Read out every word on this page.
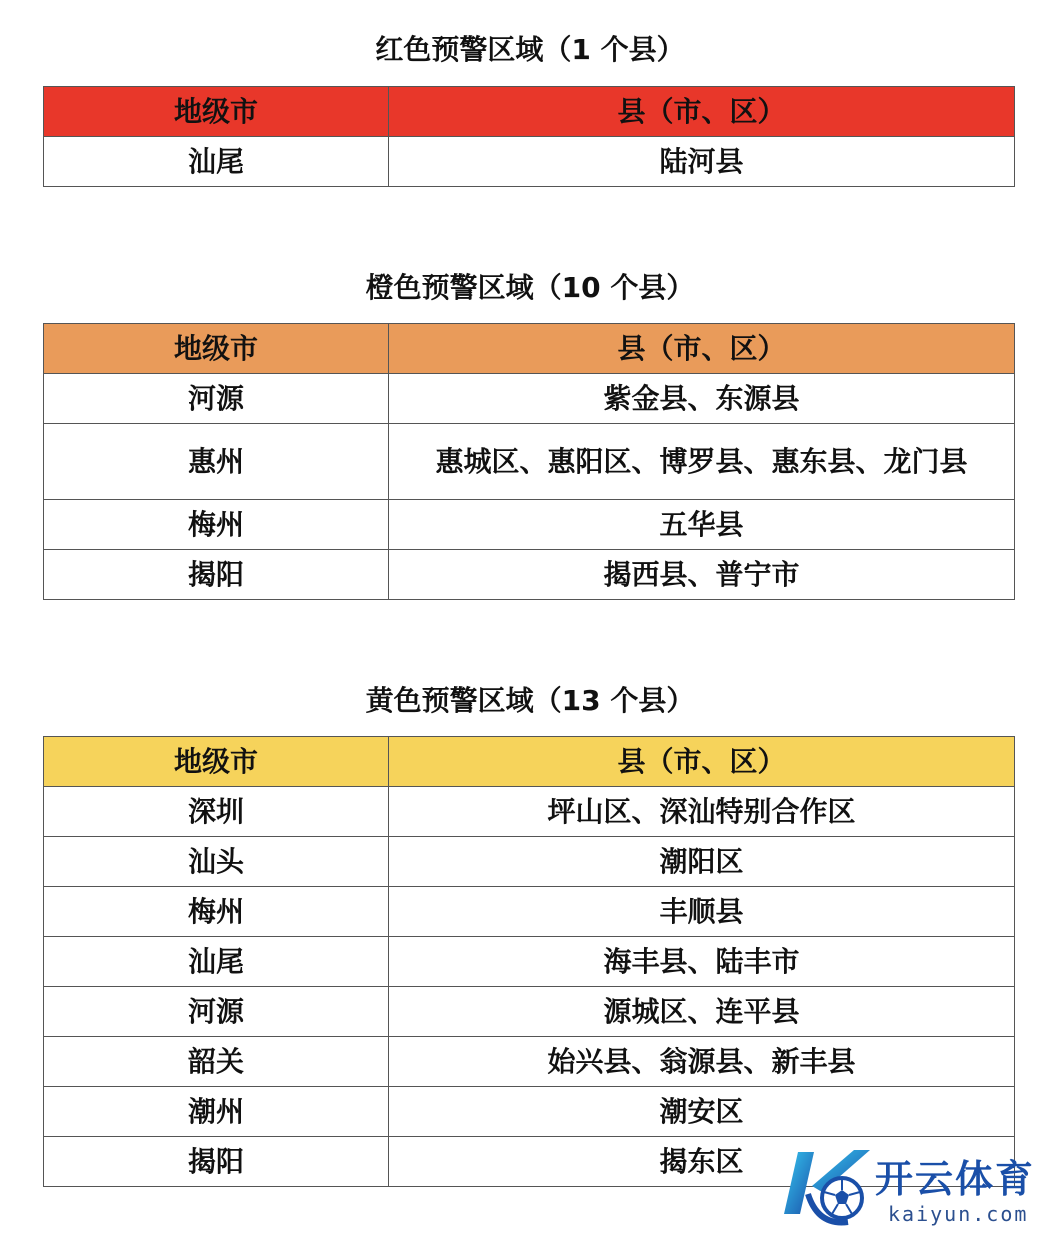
红色预警区域（1 个县）
地级市	县（市、区）
汕尾	陆河县
橙色预警区域（10 个县）
地级市	县（市、区）
河源	紫金县、东源县
惠州	惠城区、惠阳区、博罗县、惠东县、龙门县
梅州	五华县
揭阳	揭西县、普宁市
黄色预警区域（13 个县）
地级市	县（市、区）
深圳	坪山区、深汕特别合作区
汕头	潮阳区
梅州	丰顺县
汕尾	海丰县、陆丰市
河源	源城区、连平县
韶关	始兴县、翁源县、新丰县
潮州	潮安区
揭阳	揭东区	开云体育
kaiyun.com
